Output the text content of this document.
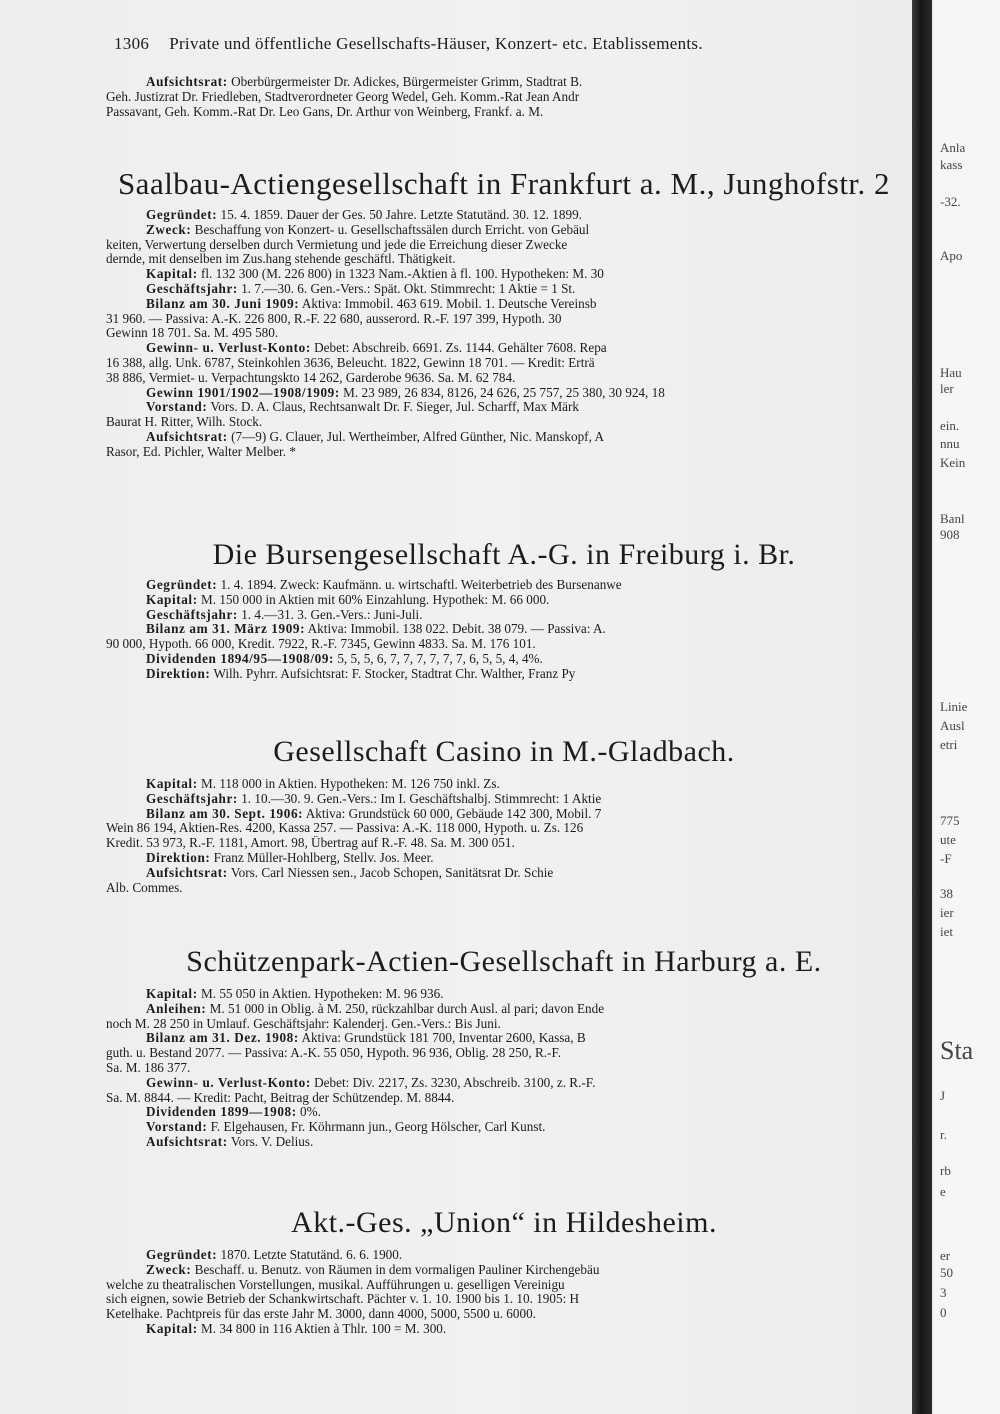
1306 Private und öffentliche Gesellschafts-Häuser, Konzert- etc. Etablissements.

Aufsichtsrat: Oberbürgermeister Dr. Adickes, Bürgermeister Grimm, Stadtrat B.

Geh. Justizrat Dr. Friedleben, Stadtverordneter Georg Wedel, Geh. Komm.-Rat Jean Andr

Passavant, Geh. Komm.-Rat Dr. Leo Gans, Dr. Arthur von Weinberg, Frankf. a. M.

Saalbau-Actiengesellschaft in Frankfurt a. M., Junghofstr. 2

Gegründet: 15. 4. 1859. Dauer der Ges. 50 Jahre. Letzte Statutänd. 30. 12. 1899.

Zweck: Beschaffung von Konzert- u. Gesellschaftssälen durch Erricht. von Gebäul

keiten, Verwertung derselben durch Vermietung und jede die Erreichung dieser Zwecke

dernde, mit denselben im Zus.hang stehende geschäftl. Thätigkeit.

Kapital: fl. 132 300 (M. 226 800) in 1323 Nam.-Aktien à fl. 100. Hypotheken: M. 30

Geschäftsjahr: 1. 7.—30. 6. Gen.-Vers.: Spät. Okt. Stimmrecht: 1 Aktie = 1 St.

Bilanz am 30. Juni 1909: Aktiva: Immobil. 463 619. Mobil. 1. Deutsche Vereinsb

31 960. — Passiva: A.-K. 226 800, R.-F. 22 680, ausserord. R.-F. 197 399, Hypoth. 30

Gewinn 18 701. Sa. M. 495 580.

Gewinn- u. Verlust-Konto: Debet: Abschreib. 6691. Zs. 1144. Gehälter 7608. Repa

16 388, allg. Unk. 6787, Steinkohlen 3636, Beleucht. 1822, Gewinn 18 701. — Kredit: Erträ

38 886, Vermiet- u. Verpachtungskto 14 262, Garderobe 9636. Sa. M. 62 784.

Gewinn 1901/1902—1908/1909: M. 23 989, 26 834, 8126, 24 626, 25 757, 25 380, 30 924, 18

Vorstand: Vors. D. A. Claus, Rechtsanwalt Dr. F. Sieger, Jul. Scharff, Max Märk

Baurat H. Ritter, Wilh. Stock.

Aufsichtsrat: (7—9) G. Clauer, Jul. Wertheimber, Alfred Günther, Nic. Manskopf, A

Rasor, Ed. Pichler, Walter Melber. *

Die Bursengesellschaft A.-G. in Freiburg i. Br.

Gegründet: 1. 4. 1894. Zweck: Kaufmänn. u. wirtschaftl. Weiterbetrieb des Bursenanwe

Kapital: M. 150 000 in Aktien mit 60% Einzahlung. Hypothek: M. 66 000.

Geschäftsjahr: 1. 4.—31. 3. Gen.-Vers.: Juni-Juli.

Bilanz am 31. März 1909: Aktiva: Immobil. 138 022. Debit. 38 079. — Passiva: A.

90 000, Hypoth. 66 000, Kredit. 7922, R.-F. 7345, Gewinn 4833. Sa. M. 176 101.

Dividenden 1894/95—1908/09: 5, 5, 5, 6, 7, 7, 7, 7, 7, 7, 6, 5, 5, 4, 4%.

Direktion: Wilh. Pyhrr. Aufsichtsrat: F. Stocker, Stadtrat Chr. Walther, Franz Py

Gesellschaft Casino in M.-Gladbach.

Kapital: M. 118 000 in Aktien. Hypotheken: M. 126 750 inkl. Zs.

Geschäftsjahr: 1. 10.—30. 9. Gen.-Vers.: Im I. Geschäftshalbj. Stimmrecht: 1 Aktie

Bilanz am 30. Sept. 1906: Aktiva: Grundstück 60 000, Gebäude 142 300, Mobil. 7

Wein 86 194, Aktien-Res. 4200, Kassa 257. — Passiva: A.-K. 118 000, Hypoth. u. Zs. 126

Kredit. 53 973, R.-F. 1181, Amort. 98, Übertrag auf R.-F. 48. Sa. M. 300 051.

Direktion: Franz Müller-Hohlberg, Stellv. Jos. Meer.

Aufsichtsrat: Vors. Carl Niessen sen., Jacob Schopen, Sanitätsrat Dr. Schie

Alb. Commes.

Schützenpark-Actien-Gesellschaft in Harburg a. E.

Kapital: M. 55 050 in Aktien. Hypotheken: M. 96 936.

Anleihen: M. 51 000 in Oblig. à M. 250, rückzahlbar durch Ausl. al pari; davon Ende

noch M. 28 250 in Umlauf. Geschäftsjahr: Kalenderj. Gen.-Vers.: Bis Juni.

Bilanz am 31. Dez. 1908: Aktiva: Grundstück 181 700, Inventar 2600, Kassa, B

guth. u. Bestand 2077. — Passiva: A.-K. 55 050, Hypoth. 96 936, Oblig. 28 250, R.-F.

Sa. M. 186 377.

Gewinn- u. Verlust-Konto: Debet: Div. 2217, Zs. 3230, Abschreib. 3100, z. R.-F.

Sa. M. 8844. — Kredit: Pacht, Beitrag der Schützendep. M. 8844.

Dividenden 1899—1908: 0%.

Vorstand: F. Elgehausen, Fr. Köhrmann jun., Georg Hölscher, Carl Kunst.

Aufsichtsrat: Vors. V. Delius.

Akt.-Ges. „Union“ in Hildesheim.

Gegründet: 1870. Letzte Statutänd. 6. 6. 1900.

Zweck: Beschaff. u. Benutz. von Räumen in dem vormaligen Pauliner Kirchengebäu

welche zu theatralischen Vorstellungen, musikal. Aufführungen u. geselligen Vereinigu

sich eignen, sowie Betrieb der Schankwirtschaft. Pächter v. 1. 10. 1900 bis 1. 10. 1905: H

Ketelhake. Pachtpreis für das erste Jahr M. 3000, dann 4000, 5000, 5500 u. 6000.

Kapital: M. 34 800 in 116 Aktien à Thlr. 100 = M. 300.

Anla
kass
-32.
Apo
Hau
ler
ein.
nnu
Kein
Banl
908
Linie
Ausl
etri
775
ute
-F
38
ier
iet
Sta
J
r.
rb
e
er
50
3
0
